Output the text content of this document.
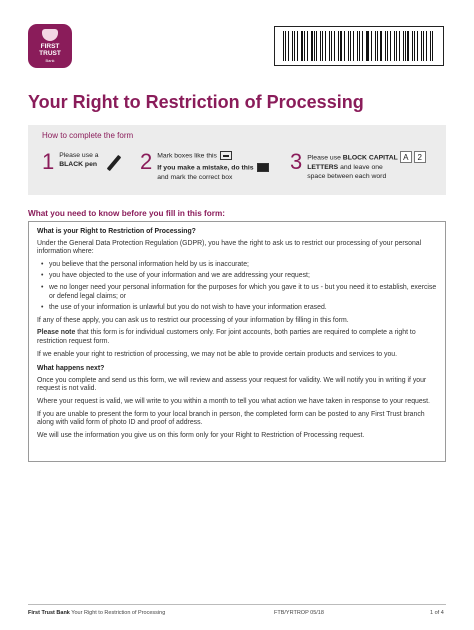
FIRST
TRUST
Bank
Your Right to Restriction of Processing
How to complete the form
1 Please use a
BLACK pen 2 Mark boxes like this
If you make a mistake, do this
and mark the correct box
3 Please use BLOCK CAPITAL A 2
LETTERS and leave one
space between each word
What you need to know before you fill in this form:

What is your Right to Restriction of Processing?

Under the General Data Protection Regulation (GDPR), you have the right to ask us to restrict our processing of your personal information where:

• you believe that the personal information held by us is inaccurate;
• you have objected to the use of your information and we are addressing your request;
• we no longer need your personal information for the purposes for which you gave it to us - but you need it to establish, exercise or defend legal claims; or
• the use of your information is unlawful but you do not wish to have your information erased.

If any of these apply, you can ask us to restrict our processing of your information by filling in this form.

Please note that this form is for individual customers only. For joint accounts, both parties are required to complete a right to restriction request form.

If we enable your right to restriction of processing, we may not be able to provide certain products and services to you.

What happens next?

Once you complete and send us this form, we will review and assess your request for validity. We will notify you in writing if your request is not valid.

Where your request is valid, we will write to you within a month to tell you what action we have taken in response to your request.

If you are unable to present the form to your local branch in person, the completed form can be posted to any First Trust branch along with valid form of photo ID and proof of address.

We will use the information you give us on this form only for your Right to Restriction of Processing request.

First Trust Bank Your Right to Restriction of Processing	FTB/YRTROP 05/18	1 of 4
